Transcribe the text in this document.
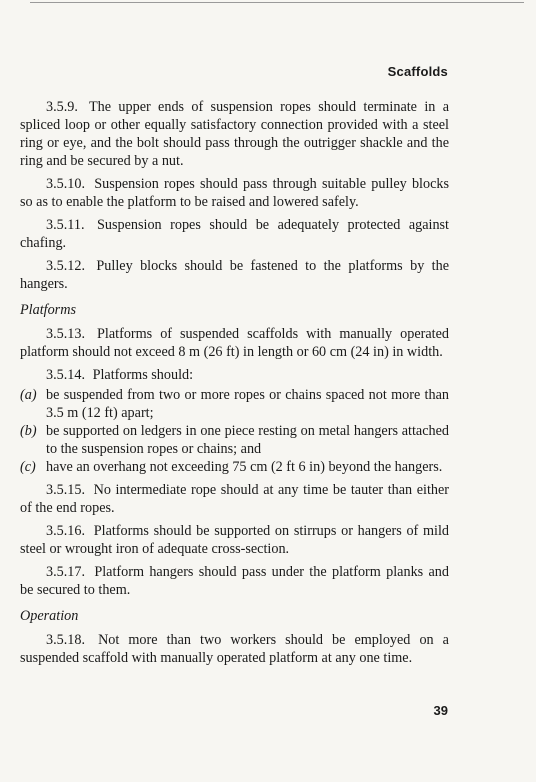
Scaffolds

3.5.9. The upper ends of suspension ropes should terminate in a spliced loop or other equally satisfactory connection provided with a steel ring or eye, and the bolt should pass through the outrigger shackle and the ring and be secured by a nut.

3.5.10. Suspension ropes should pass through suitable pulley blocks so as to enable the platform to be raised and lowered safely.

3.5.11. Suspension ropes should be adequately protected against chafing.

3.5.12. Pulley blocks should be fastened to the platforms by the hangers.

Platforms

3.5.13. Platforms of suspended scaffolds with manually operated platform should not exceed 8 m (26 ft) in length or 60 cm (24 in) in width.

3.5.14. Platforms should:

(a) be suspended from two or more ropes or chains spaced not more than 3.5 m (12 ft) apart;
(b) be supported on ledgers in one piece resting on metal hangers attached to the suspension ropes or chains; and
(c) have an overhang not exceeding 75 cm (2 ft 6 in) beyond the hangers.

3.5.15. No intermediate rope should at any time be tauter than either of the end ropes.

3.5.16. Platforms should be supported on stirrups or hangers of mild steel or wrought iron of adequate cross-section.

3.5.17. Platform hangers should pass under the platform planks and be secured to them.

Operation

3.5.18. Not more than two workers should be employed on a suspended scaffold with manually operated platform at any one time.

39
